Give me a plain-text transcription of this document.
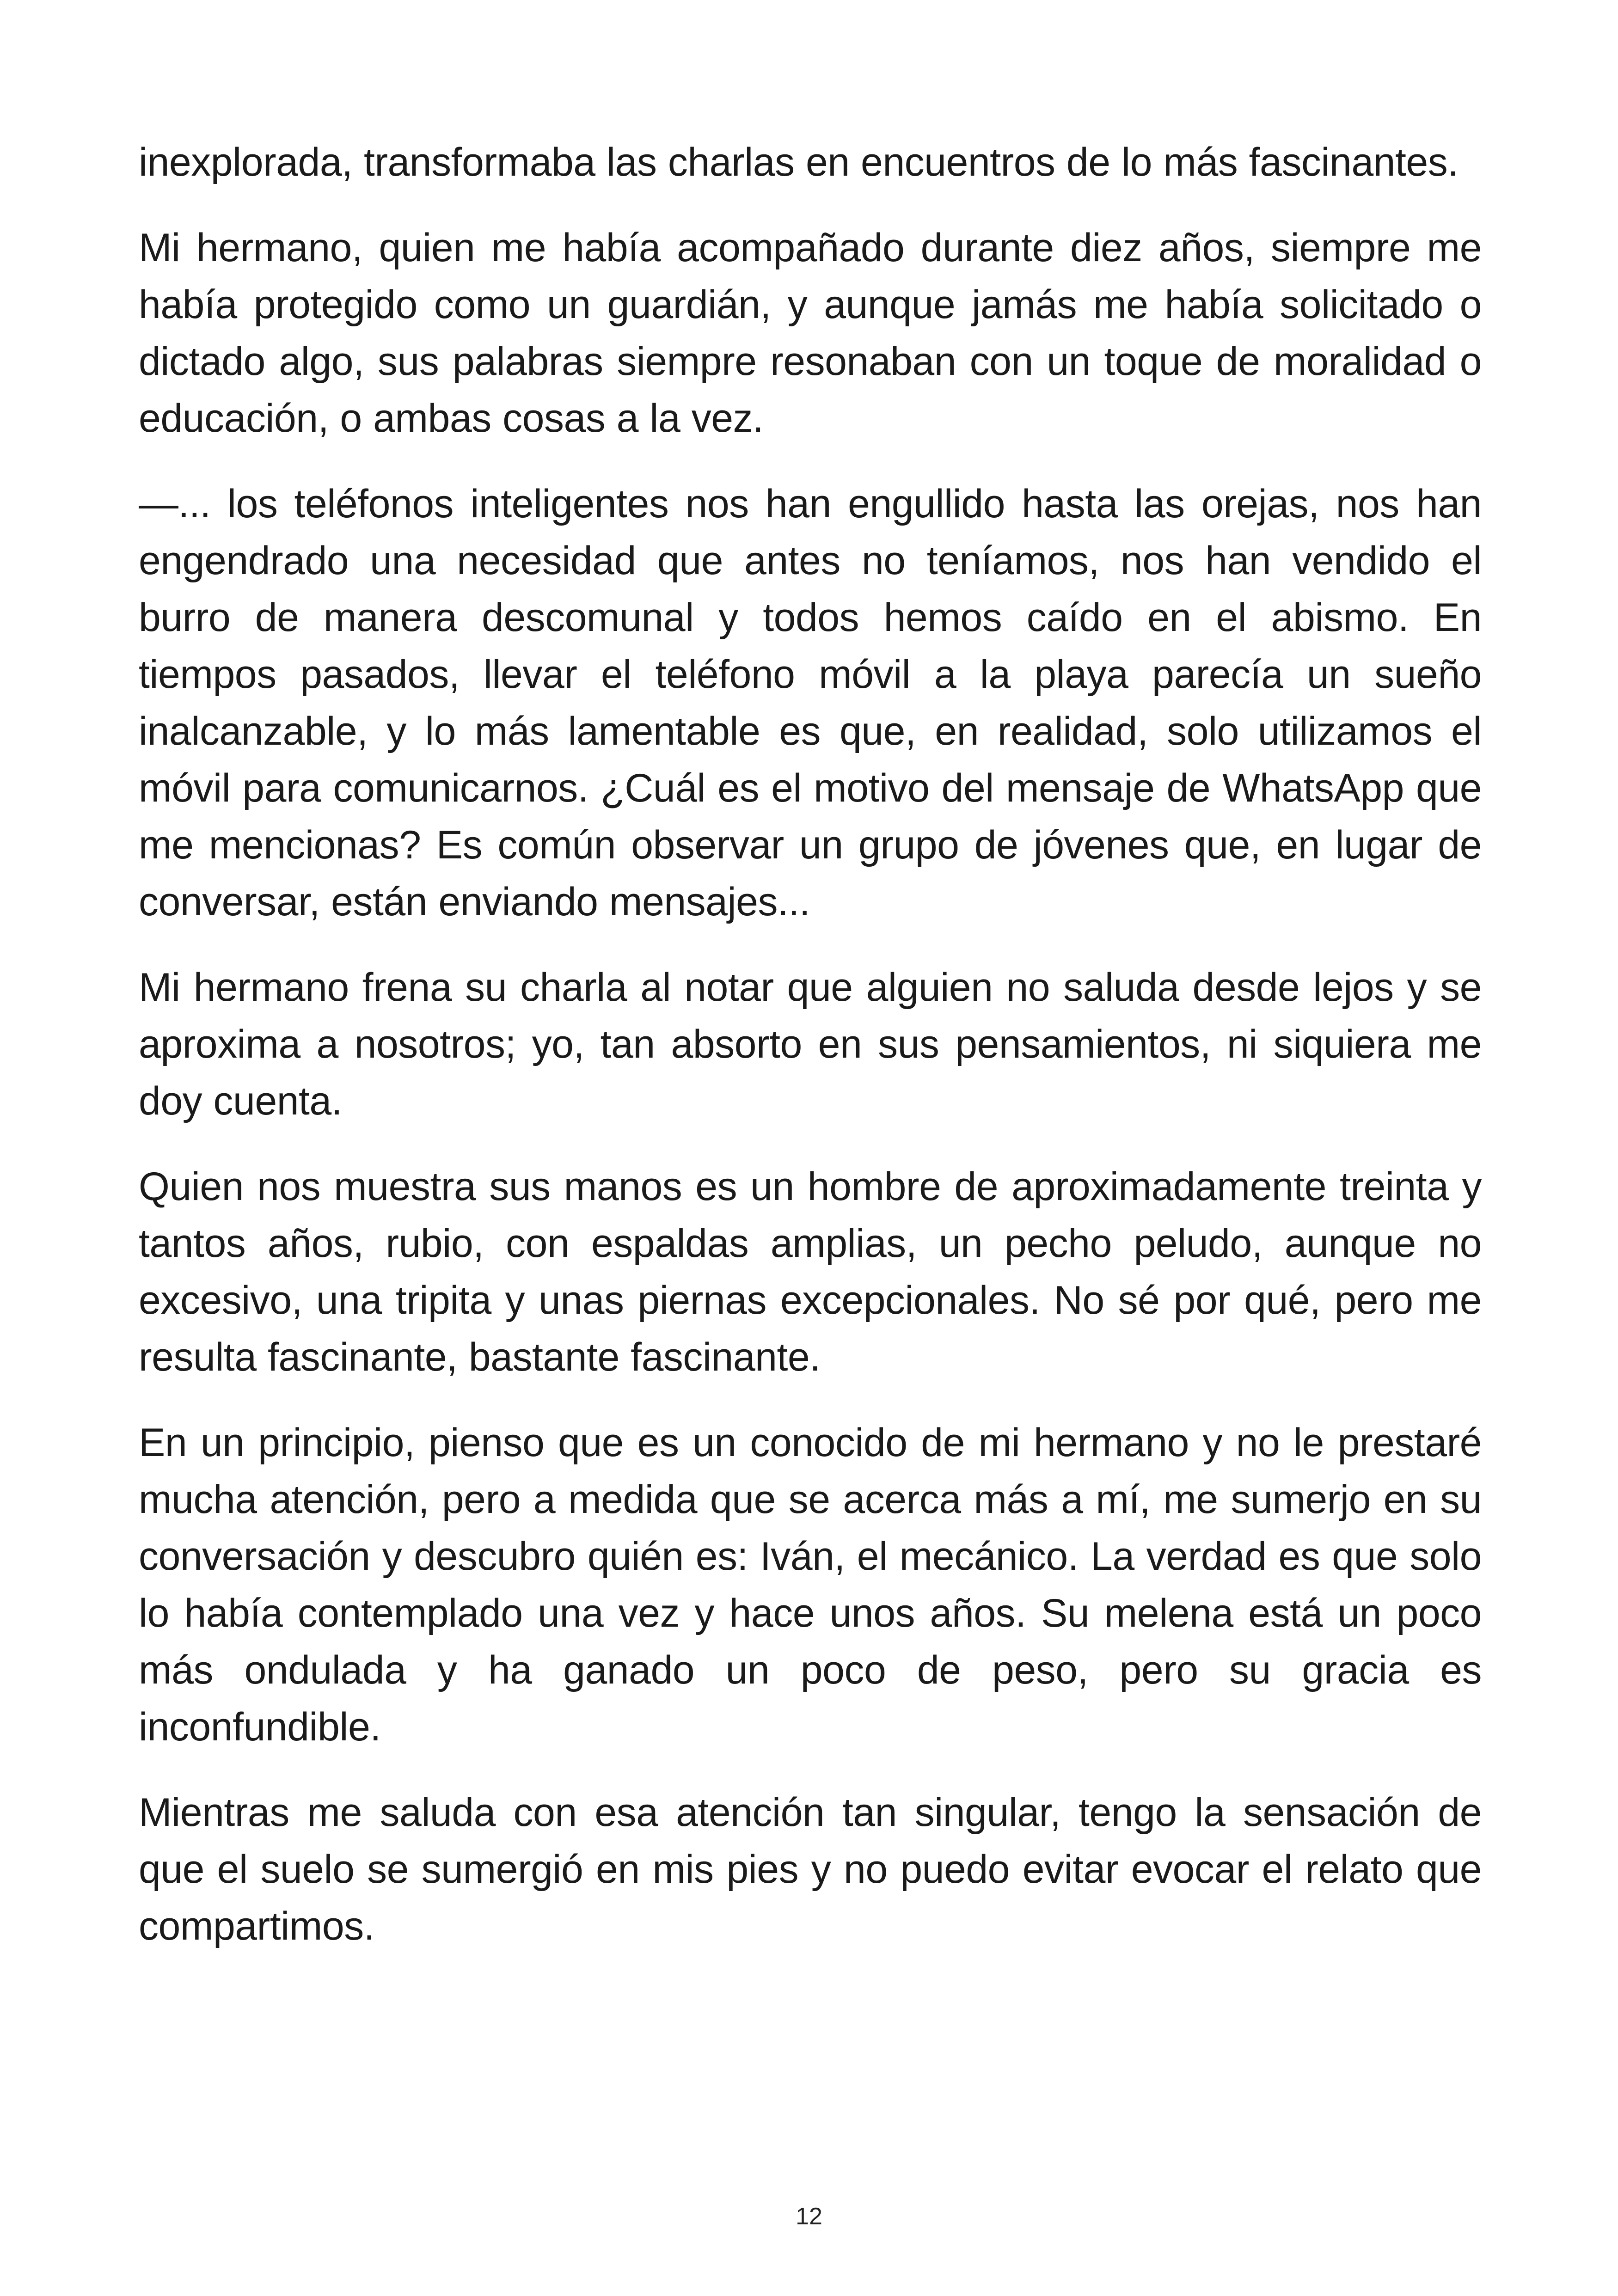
inexplorada, transformaba las charlas en encuentros de lo más fascinantes.

Mi hermano, quien me había acompañado durante diez años, siempre me había protegido como un guardián, y aunque jamás me había solicitado o dictado algo, sus palabras siempre resonaban con un toque de moralidad o educación, o ambas cosas a la vez.

—... los teléfonos inteligentes nos han engullido hasta las orejas, nos han engendrado una necesidad que antes no teníamos, nos han vendido el burro de manera descomunal y todos hemos caído en el abismo. En tiempos pasados, llevar el teléfono móvil a la playa parecía un sueño inalcanzable, y lo más lamentable es que, en realidad, solo utilizamos el móvil para comunicarnos. ¿Cuál es el motivo del mensaje de WhatsApp que me mencionas? Es común observar un grupo de jóvenes que, en lugar de conversar, están enviando mensajes...

Mi hermano frena su charla al notar que alguien no saluda desde lejos y se aproxima a nosotros; yo, tan absorto en sus pensamientos, ni siquiera me doy cuenta.

Quien nos muestra sus manos es un hombre de aproximadamente treinta y tantos años, rubio, con espaldas amplias, un pecho peludo, aunque no excesivo, una tripita y unas piernas excepcionales. No sé por qué, pero me resulta fascinante, bastante fascinante.

En un principio, pienso que es un conocido de mi hermano y no le prestaré mucha atención, pero a medida que se acerca más a mí, me sumerjo en su conversación y descubro quién es: Iván, el mecánico. La verdad es que solo lo había contemplado una vez y hace unos años. Su melena está un poco más ondulada y ha ganado un poco de peso, pero su gracia es inconfundible.

Mientras me saluda con esa atención tan singular, tengo la sensación de que el suelo se sumergió en mis pies y no puedo evitar evocar el relato que compartimos.

12
